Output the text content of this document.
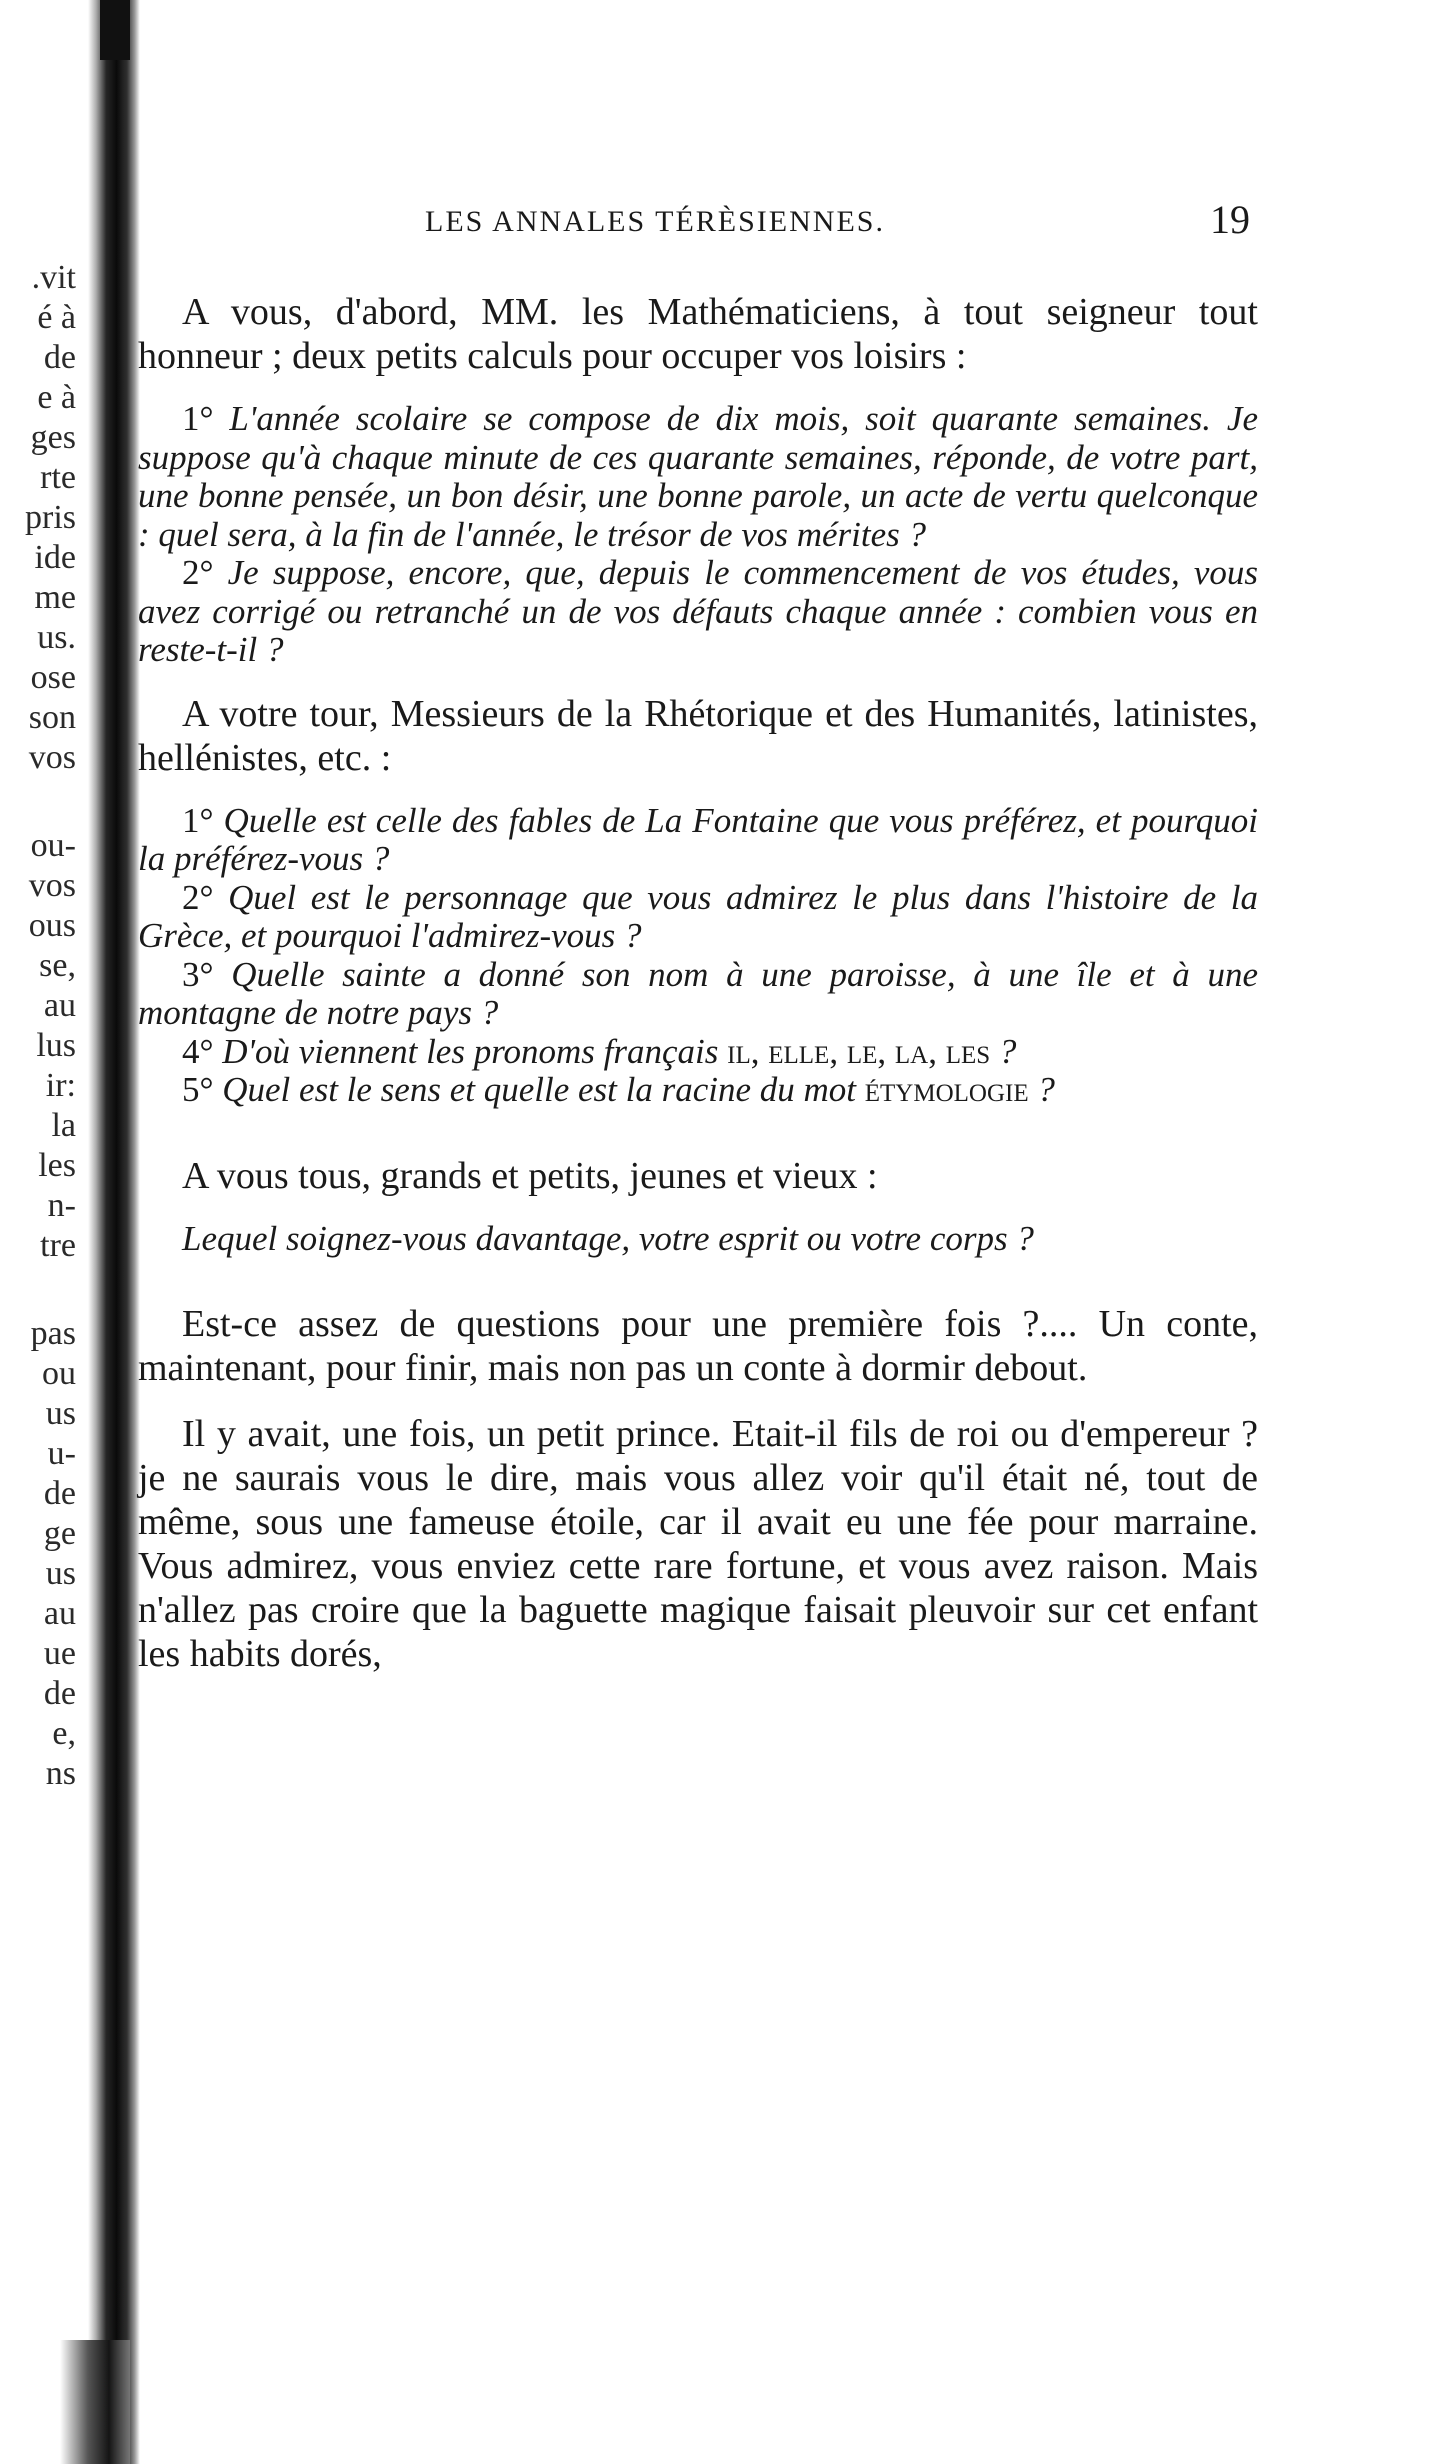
.vit
é à
de
e à
ges
rte
pris
ide
me
us.
ose
son
vos
ou-
vos
ous
se,
au
lus
ir:
la
les
n-
tre
pas
ou
us
u-
de
ge
us
au
ue
de
e,
ns
LES ANNALES TÉRÈSIENNES.	19

A vous, d'abord, MM. les Mathématiciens, à tout seigneur tout honneur ; deux petits calculs pour occuper vos loisirs :

1° L'année scolaire se compose de dix mois, soit quarante semaines. Je suppose qu'à chaque minute de ces quarante semaines, réponde, de votre part, une bonne pensée, un bon désir, une bonne parole, un acte de vertu quelconque : quel sera, à la fin de l'année, le trésor de vos mérites ?

2° Je suppose, encore, que, depuis le commencement de vos études, vous avez corrigé ou retranché un de vos défauts chaque année : combien vous en reste-t-il ?

A votre tour, Messieurs de la Rhétorique et des Humanités, latinistes, hellénistes, etc. :

1° Quelle est celle des fables de La Fontaine que vous préférez, et pourquoi la préférez-vous ?

2° Quel est le personnage que vous admirez le plus dans l'histoire de la Grèce, et pourquoi l'admirez-vous ?

3° Quelle sainte a donné son nom à une paroisse, à une île et à une montagne de notre pays ?

4° D'où viennent les pronoms français il, elle, le, la, les ?

5° Quel est le sens et quelle est la racine du mot étymologie ?

A vous tous, grands et petits, jeunes et vieux :

Lequel soignez-vous davantage, votre esprit ou votre corps ?

Est-ce assez de questions pour une première fois ?.... Un conte, maintenant, pour finir, mais non pas un conte à dormir debout.

Il y avait, une fois, un petit prince. Etait-il fils de roi ou d'empereur ? je ne saurais vous le dire, mais vous allez voir qu'il était né, tout de même, sous une fameuse étoile, car il avait eu une fée pour marraine. Vous admirez, vous enviez cette rare fortune, et vous avez raison. Mais n'allez pas croire que la baguette magique faisait pleuvoir sur cet enfant les habits dorés,
